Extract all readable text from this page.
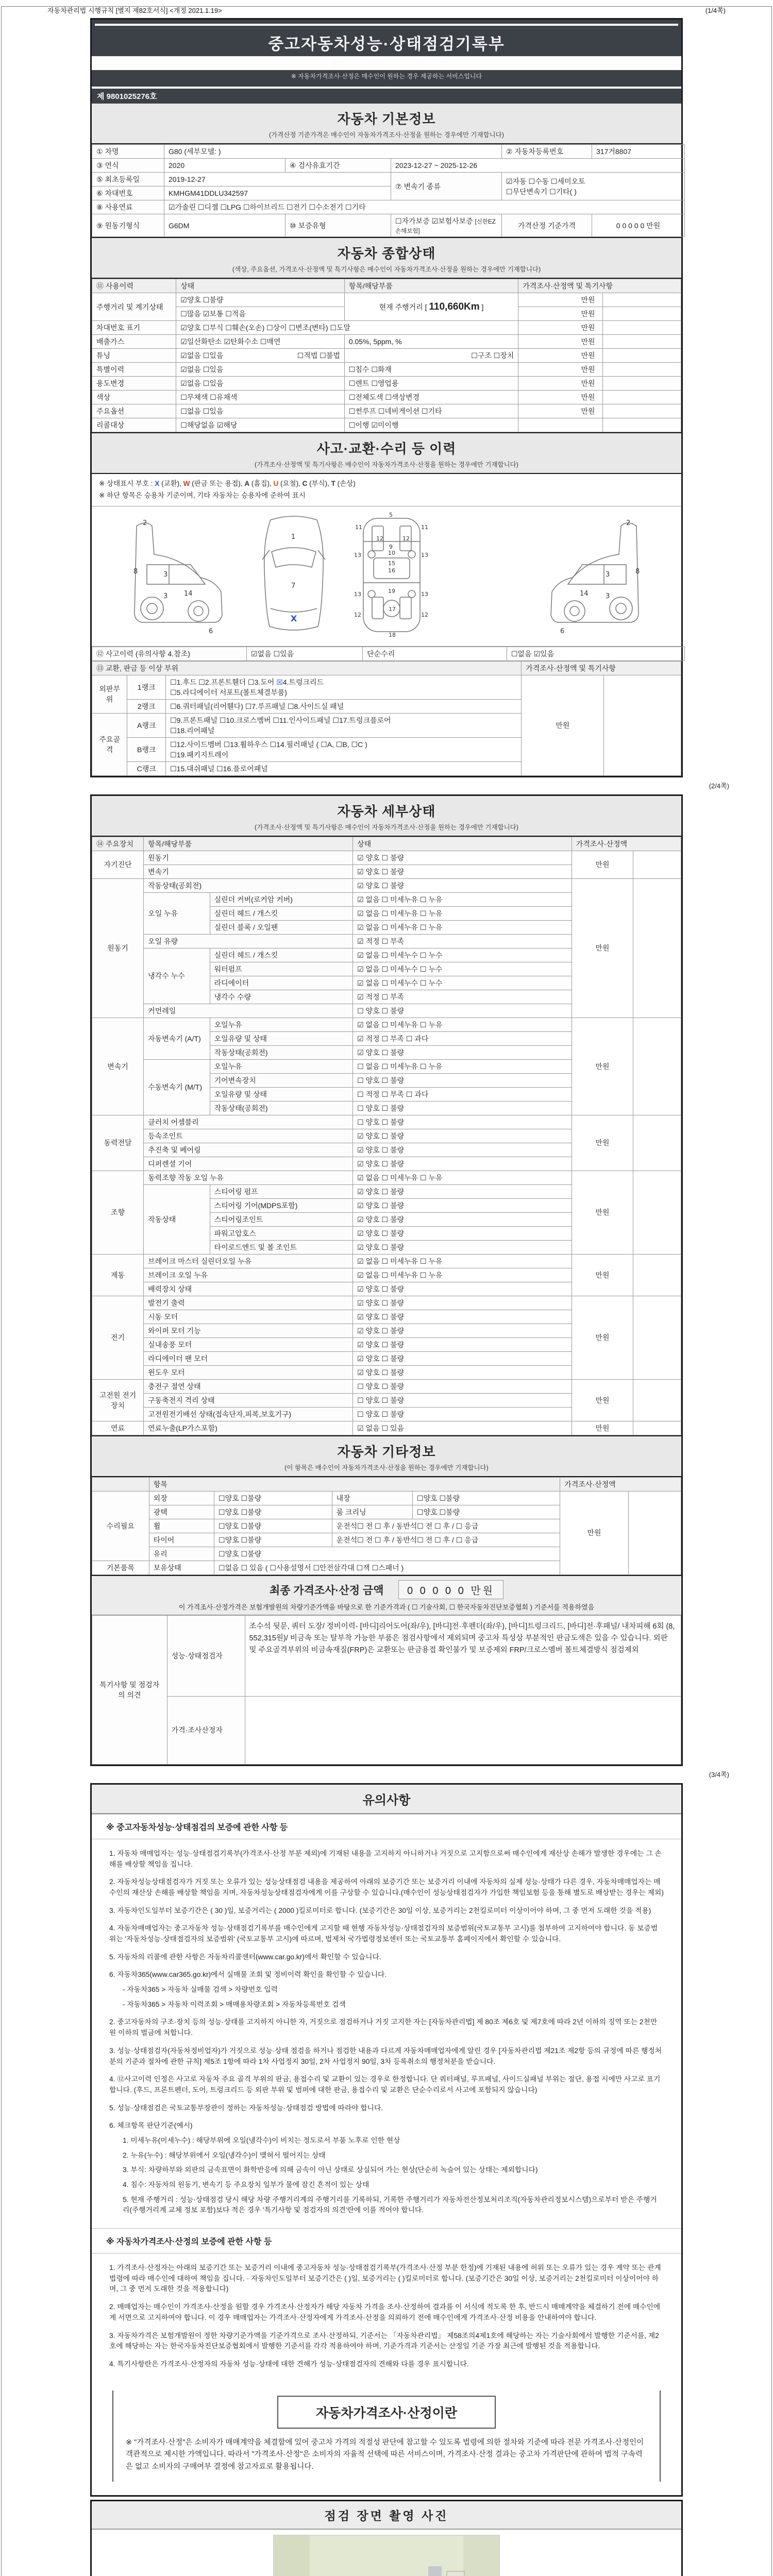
자동차관리법 시행규칙 [별지 제82호서식] <개정 2021.1.19>	(1/4쪽)
중고자동차성능·상태점검기록부
( ■ 자동차가격조사·산정 선택 )
※ 자동차가격조사·산정은 매수인이 원하는 경우 제공하는 서비스입니다
제 9801025276호
자동차 기본정보

(가격산정 기준가격은 매수인이 자동차가격조사·산정을 원하는 경우에만 기재합니다)

① 차명	G80 (세부모델: )			② 자동차등록번호	317거8807
③ 연식	2020	④ 검사유효기간	2023-12-27 ~ 2025-12-26		
⑤ 최초등록일	2019-12-27		⑦ 변속기 종류	☑자동 ☐수동 ☐세미오토
☐무단변속기 ☐기타( )	

⑥ 차대번호	KMHGM41DDLU342597				
⑧ 사용연료	☑가솔린 ☐디젤 ☐LPG ☐하이브리드 ☐전기 ☐수소전기 ☐기타				
⑨ 원동기형식	G6DM	⑩ 보증유형	☐자가보증 ☑보험사보증 [신한EZ손해보험]	가격산정 기준가격	0 0 0 0 0 만원
자동차 종합상태

(색상, 주요옵션, 가격조사·산정액 및 특기사항은 매수인이 자동차가격조사·산정을 원하는 경우에만 기재합니다)

⑪ 사용이력	상태	항목/해당부품	가격조사·산정액 및 특기사항	
주행거리 및 계기상태	☑양호 ☐불량	현재 주행거리 [ 110,660Km ]	만원	
	☐많음 ☑보통 ☐적음		만원	
차대번호 표기	☑양호 ☐부식 ☐훼손(오손) ☐상이 ☐변조(변타) ☐도말		만원	
배출가스	☑일산화탄소 ☑탄화수소 ☐매연	0.05%, 5ppm, %	만원	
튜닝	☑없음 ☐있음 ☐적법 ☐불법	☐구조 ☐장치	만원	
특별이력	☑없음 ☐있음	☐침수 ☐화재	만원	
용도변경	☑없음 ☐있음	☐렌트 ☐영업용	만원	
색상	☐무채색 ☐유채색	☐전체도색 ☐색상변경	만원	
주요옵션	☐없음 ☐있음	☐썬루프 ☐네비게이션 ☐기타	만원	
리콜대상	☐해당없음 ☑해당	☐이행 ☑미이행		
사고·교환·수리 등 이력

(가격조사·산정액 및 특기사항은 매수인이 자동차가격조사·산정을 원하는 경우에만 기재합니다)

※ 상태표시 부호 : X (교환), W (판금 또는 용접), A (흠집), U (요철), C (부식), T (손상)
※ 하단 항목은 승용차 기준이며, 기타 자동차는 승용차에 준하여 표시
2
8	3
14
3
6
1
7
X
5
11	11
13	13
12	12
9
10
15
16
13	13
12	12
19
17
18
2
8
3
14	3
6
⑫ 사고이력 (유의사항 4.참조)	☑없음 ☐있음	단순수리	☐없음 ☑있음
⑬ 교환, 판금 등 이상 부위			가격조사·산정액 및 특기사항	
외판부위	1랭크	☐1.후드 ☐2.프론트휀더 ☐3.도어 ☒4.트렁크리드
☐5.라디에이터 서포트(볼트체결부품)	만원	
	2랭크	☐6.쿼터패널(리어휀다) ☐7.루프패널 ☐8.사이드실 패널		
주요골격	A랭크	☐9.프론트패널 ☐10.크로스멤버 ☐11.인사이드패널 ☐17.트렁크플로어
☐18.리어패널		

	B랭크	☐12.사이드멤버 ☐13.휠하우스 ☐14.필러패널 ( ☐A, ☐B, ☐C )
☐19.패키지트레이		

	C랭크	☐15.대쉬패널 ☐16.플로어패널		
(2/4쪽)
자동차 세부상태

(가격조사·산정액 및 특기사항은 매수인이 자동차가격조사·산정을 원하는 경우에만 기재합니다)

⑭ 주요장치	항목/해당부품		상태	가격조사·산정액	
자기진단	원동기		☑ 양호 ☐ 불량	만원	
	변속기		☑ 양호 ☐ 불량		
원동기	작동상태(공회전)		☑ 양호 ☐ 불량	만원	
	오일 누유	실린더 커버(로커암 커버)	☑ 없음 ☐ 미세누유 ☐ 누유		
		실린더 헤드 / 개스킷	☑ 없음 ☐ 미세누유 ☐ 누유		
		실린더 블록 / 오일팬	☑ 없음 ☐ 미세누유 ☐ 누유		
	오일 유량		☑ 적정 ☐ 부족		
	냉각수 누수	실린더 헤드 / 개스킷	☑ 없음 ☐ 미세누수 ☐ 누수		
		워터펌프	☑ 없음 ☐ 미세누수 ☐ 누수		
		라디에이터	☑ 없음 ☐ 미세누수 ☐ 누수		
		냉각수 수량	☑ 적정 ☐ 부족		
	커먼레일		☐ 양호 ☐ 불량		
변속기	자동변속기 (A/T)	오일누유	☑ 없음 ☐ 미세누유 ☐ 누유	만원	
		오일유량 및 상태	☑ 적정 ☐ 부족 ☐ 과다		
		작동상태(공회전)	☑ 양호 ☐ 불량		
	수동변속기 (M/T)	오일누유	☐ 없음 ☐ 미세누유 ☐ 누유		
		기어변속장치	☐ 양호 ☐ 불량		
		오일유량 및 상태	☐ 적정 ☐ 부족 ☐ 과다		
		작동상태(공회전)	☐ 양호 ☐ 불량		
동력전달	클러치 어셈블리		☐ 양호 ☐ 불량	만원	
	등속조인트		☑ 양호 ☐ 불량		
	추진축 및 베어링		☑ 양호 ☐ 불량		
	디퍼렌셜 기어		☑ 양호 ☐ 불량		
조향	동력조향 작동 오일 누유		☑ 없음 ☐ 미세누유 ☐ 누유	만원	
	작동상태	스티어링 펌프	☑ 양호 ☐ 불량		
		스티어링 기어(MDPS포함)	☑ 양호 ☐ 불량		
		스티어링조인트	☑ 양호 ☐ 불량		
		파워고압호스	☑ 양호 ☐ 불량		
		타이로드엔드 및 볼 조인트	☑ 양호 ☐ 불량		
제동	브레이크 마스터 실린더오일 누유		☑ 없음 ☐ 미세누유 ☐ 누유	만원	
	브레이크 오일 누유		☑ 없음 ☐ 미세누유 ☐ 누유		
	배력장치 상태		☑ 양호 ☐ 불량		
전기	발전기 출력		☑ 양호 ☐ 불량	만원	
	시동 모터		☑ 양호 ☐ 불량		
	와이퍼 모터 기능		☑ 양호 ☐ 불량		
	실내송풍 모터		☑ 양호 ☐ 불량		
	라디에이터 팬 모터		☑ 양호 ☐ 불량		
	윈도우 모터		☑ 양호 ☐ 불량		
고전원 전기장치	충전구 절연 상태		☐ 양호 ☐ 불량	만원	
	구동축전지 격리 상태		☐ 양호 ☐ 불량		
	고전원전기배선 상태(접속단자,피복,보호기구)		☐ 양호 ☐ 불량		
연료	연료누출(LP가스포함)		☑ 없음 ☐ 있음	만원	
자동차 기타정보

(이 항목은 매수인이 자동차가격조사·산정을 원하는 경우에만 기재합니다)

	항목				가격조사·산정액	
수리필요	외장	☐양호 ☐불량	내장	☐양호 ☐불량	만원	
	광택	☐양호 ☐불량	룸 크리닝	☐양호 ☐불량		
	휠	☐양호 ☐불량	운전석☐ 전 ☐ 후 / 동반석☐ 전 ☐ 후 / ☐ 응급			
	타이어	☐양호 ☐불량	운전석☐ 전 ☐ 후 / 동반석☐ 전 ☐ 후 / ☐ 응급			
	유리	☐양호 ☐불량				
기본품목	보유상태	☐없음 ☐ 있음 ( ☐사용설명서 ☐안전삼각대 ☐잭 ☐스패너 )				
최종 가격조사·산정 금액 0 0 0 0 0 만원
이 가격조사·산정가격은 보험개발원의 차량기준가액을 바탕으로 한 기준가격과 ( ☐ 기술사회, ☐ 한국자동차진단보증협회 ) 기준서를 적용하였음
특기사항 및 점검자의 의견	성능·상태점검자	조수석 뒷문, 쿼터 도장/ 정비이력- [바디]리어도어(좌/우), [바디]전·후펜더(좌/우), [바디]트렁크리드, [바디]전·후패널/ 내차피해 6회 (8,552,315원)/ 비금속 또는 탈부착 가능한 부품은 점검사항에서 제외되며 중고차 특성상 부분적인 판금도색은 있을 수 있습니다. 외판 및 주요골격부위의 비금속재질(FRP)은 교환또는 판금용접 확인불가 및 보증제외 FRP/크로스멤버 볼트체결방식 점검제외
	가격·조사산정자	
(3/4쪽)
유의사항
※ 중고자동차성능·상태점검의 보증에 관한 사항 등
1. 자동차 매매업자는 성능·상태점검기록부(가격조사·산정 부분 제외)에 기재된 내용을 고지하지 아니하거나 거짓으로 고지함으로써 매수인에게 재산상 손해가 발생한 경우에는 그 손해를 배상할 책임을 집니다.
2. 자동차성능상태점검자가 거짓 또는 오류가 있는 성능상태점검 내용을 제공하여 아래의 보증기간 또는 보증거리 이내에 자동차의 실제 성능·상태가 다른 경우, 자동차매매업자는 매수인의 재산상 손해를 배상할 책임을 지며, 자동차성능상태점검자에게 이를 구상할 수 있습니다.(매수인이 성능상태점검자가 가입한 책임보험 등을 통해 별도로 배상받는 경우는 제외)
3. 자동차인도일부터 보증기간은 ( 30 )일, 보증거리는 ( 2000 )킬로미터로 합니다. (보증기간은 30일 이상, 보증거리는 2천킬로미터 이상이어야 하며, 그 중 먼저 도래한 것을 적용)
4. 자동차매매업자는 중고자동차 성능·상태점검기록부를 매수인에게 고지할 때 현행 자동차성능·상태점검자의 보증범위(국토교통부 고시)를 첨부하여 고지하여야 합니다. 동 보증범위는 '자동차성능·상태점검자의 보증범위' (국토교통부 고시)에 따르며, 법제처 국가법령정보센터 또는 국토교통부 홈페이지에서 확인할 수 있습니다.
5. 자동차의 리콜에 관한 사항은 자동차리콜센터(www.car.go.kr)에서 확인할 수 있습니다.
6. 자동차365(www.car365.go.kr)에서 실매물 조회 및 정비이력 확인을 확인할 수 있습니다.
- 자동차365 > 자동차 실매물 검색 > 차량번호 입력
- 자동차365 > 자동차 이력조회 > 매매용차량조회 > 자동차등록번호 검색
2. 중고자동차의 구조·장치 등의 성능·상태를 고지하지 아니한 자, 거짓으로 점검하거나 거짓 고지한 자는 [자동차관리법] 제 80조 제6호 및 제7호에 따라 2년 이하의 징역 또는 2천만원 이하의 벌금에 처합니다.
3. 성능·상태점검자(자동차정비업자)가 거짓으로 성능·상태 점검을 하거나 점검한 내용과 다르게 자동차매매업자에게 알린 경우 [자동차관리법 제21조 제2항 등의 규정에 따른 행정처분의 기준과 절차에 관한 규칙] 제5조 1항에 따라 1차 사업정지 30일, 2차 사업정지 90일, 3차 등록취소의 행정처분을 받습니다.
4. ⑫사고이력 인정은 사고로 자동차 주요 골격 부위의 판금, 용접수리 및 교환이 있는 경우로 한정합니다. 단 쿼터패널, 루프패널, 사이드실패널 부위는 절단, 용접 시에만 사고로 표기합니다. (후드, 프론트펜더, 도어, 트렁크리드 등 외판 부위 및 범퍼에 대한 판금, 용접수리 및 교환은 단순수리로서 사고에 포함되지 않습니다)
5. 성능·상태점검은 국토교통부장관이 정하는 자동차성능·상태점검 방법에 따라야 합니다.
6. 체크항목 판단기준(예시)
1. 미세누유(미세누수) : 해당부위에 오일(냉각수)이 비치는 정도로서 부품 노후로 인한 현상
2. 누유(누수) : 해당부위에서 오일(냉각수)이 맺혀서 떨어지는 상태
3. 부식: 차량하부와 외판의 금속표면이 화학반응에 의해 금속이 아닌 상태로 상실되어 가는 현상(단순히 녹슬어 있는 상태는 제외합니다)
4. 침수: 자동차의 원동기, 변속기 등 주요장치 일부가 물에 잠긴 흔적이 있는 상태
5. 현재 주행거리 : 성능·상태점검 당시 해당 차량 주행거리계의 주행거리를 기록하되, 기록한 주행거리가 자동차전산정보처리조직(자동차관리정보시스템)으로부터 받은 주행거리(주행거리계 교체 정보 포함)보다 적은 경우 '특기사항 및 점검자의 의견'란에 이를 적어야 합니다.
※ 자동차가격조사·산정의 보증에 관한 사항 등
1. 가격조사·산정자는 아래의 보증기간 또는 보증거리 이내에 중고자동차 성능·상태점검기록부(가격조사·산정 부분 한정)에 기재된 내용에 허위 또는 오류가 있는 경우 계약 또는 관계법령에 따라 매수인에 대하여 책임을 집니다. · 자동차인도일부터 보증기간은 ( )일, 보증거리는 ( )킬로미터로 합니다. (보증기간은 30일 이상, 보증거리는 2천킬로미터 이상이어야 하며, 그 중 먼저 도래한 것을 적용합니다)
2. 매매업자는 매수인이 가격조사·산정을 원할 경우 가격조사·산정자가 해당 자동차 가격을 조사·산정하여 결과를 이 서식에 적도록 한 후, 반드시 매매계약을 체결하기 전에 매수인에게 서면으로 고지하여야 합니다. 이 경우 매매업자는 가격조사·산정자에게 가격조사·산정을 의뢰하기 전에 매수인에게 가격조사·산정 비용을 안내하여야 합니다.
3. 자동차가격은 보험개발원이 정한 차량기준가액을 기준가격으로 조사·산정하되, 기준서는 「자동차관리법」 제58조의4제1호에 해당하는 자는 기술사회에서 발행한 기준서를, 제2호에 해당하는 자는 한국자동차진단보증협회에서 발행한 기준서를 각각 적용하여야 하며, 기준가격과 기준서는 산정일 기준 가장 최근에 발행된 것을 적용합니다.
4. 특기사항란은 가격조사·산정자의 자동차 성능·상태에 대한 견해가 성능·상태점검자의 견해와 다를 경우 표시합니다.
자동차가격조사·산정이란
※ "가격조사·산정"은 소비자가 매매계약을 체결함에 있어 중고차 가격의 적절성 판단에 참고할 수 있도록 법령에 의한 절차와 기준에 따라 전문 가격조사·산정인이 객관적으로 제시한 가액입니다. 따라서 "가격조사·산정"은 소비자의 자율적 선택에 따른 서비스이며, 가격조사·산정 결과는 중고차 가격판단에 관하여 법적 구속력은 없고 소비자의 구매여부 결정에 참고자료로 활용됩니다.
점검 장면 촬영 사진
